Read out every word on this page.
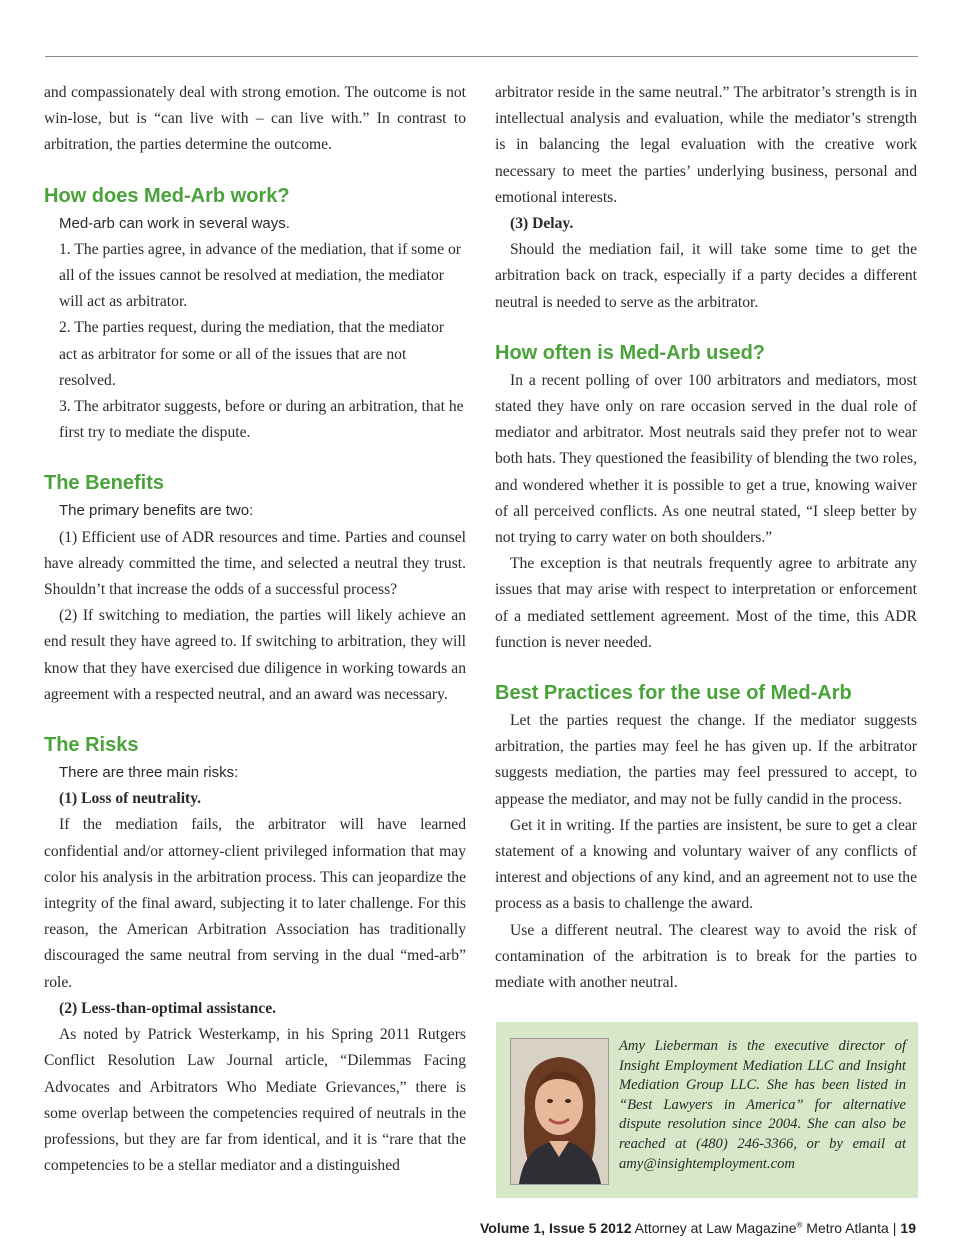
and compassionately deal with strong emotion. The outcome is not win-lose, but is “can live with – can live with.” In contrast to arbitration, the parties determine the outcome.

How does Med-Arb work?

Med-arb can work in several ways.

1. The parties agree, in advance of the mediation, that if some or all of the issues cannot be resolved at mediation, the mediator will act as arbitrator.

2. The parties request, during the mediation, that the mediator act as arbitrator for some or all of the issues that are not resolved.

3. The arbitrator suggests, before or during an arbitration, that he first try to mediate the dispute.

The Benefits

The primary benefits are two:

(1) Efficient use of ADR resources and time. Parties and counsel have already committed the time, and selected a neutral they trust. Shouldn’t that increase the odds of a successful process?

(2) If switching to mediation, the parties will likely achieve an end result they have agreed to. If switching to arbitration, they will know that they have exercised due diligence in working towards an agreement with a respected neutral, and an award was necessary.

The Risks

There are three main risks:

(1) Loss of neutrality.

If the mediation fails, the arbitrator will have learned confidential and/or attorney-client privileged information that may color his analysis in the arbitration process. This can jeopardize the integrity of the final award, subjecting it to later challenge. For this reason, the American Arbitration Association has traditionally discouraged the same neutral from serving in the dual “med-arb” role.

(2) Less-than-optimal assistance.

As noted by Patrick Westerkamp, in his Spring 2011 Rutgers Conflict Resolution Law Journal article, “Dilemmas Facing Advocates and Arbitrators Who Mediate Grievances,” there is some overlap between the competencies required of neutrals in the professions, but they are far from identical, and it is “rare that the competencies to be a stellar mediator and a distinguished

arbitrator reside in the same neutral.” The arbitrator’s strength is in intellectual analysis and evaluation, while the mediator’s strength is in balancing the legal evaluation with the creative work necessary to meet the parties’ underlying business, personal and emotional interests.

(3) Delay.

Should the mediation fail, it will take some time to get the arbitration back on track, especially if a party decides a different neutral is needed to serve as the arbitrator.

How often is Med-Arb used?

In a recent polling of over 100 arbitrators and mediators, most stated they have only on rare occasion served in the dual role of mediator and arbitrator. Most neutrals said they prefer not to wear both hats. They questioned the feasibility of blending the two roles, and wondered whether it is possible to get a true, knowing waiver of all perceived conflicts. As one neutral stated, “I sleep better by not trying to carry water on both shoulders.”

The exception is that neutrals frequently agree to arbitrate any issues that may arise with respect to interpretation or enforcement of a mediated settlement agreement. Most of the time, this ADR function is never needed.

Best Practices for the use of Med-Arb

Let the parties request the change. If the mediator suggests arbitration, the parties may feel he has given up. If the arbitrator suggests mediation, the parties may feel pressured to accept, to appease the mediator, and may not be fully candid in the process.

Get it in writing. If the parties are insistent, be sure to get a clear statement of a knowing and voluntary waiver of any conflicts of interest and objections of any kind, and an agreement not to use the process as a basis to challenge the award.

Use a different neutral. The clearest way to avoid the risk of contamination of the arbitration is to break for the parties to mediate with another neutral.

Amy Lieberman is the executive director of Insight Employment Mediation LLC and Insight Mediation Group LLC. She has been listed in “Best Lawyers in America” for alternative dispute resolution since 2004. She can also be reached at (480) 246-3366, or by email at amy@insightemployment.com
Volume 1, Issue 5 2012 Attorney at Law Magazine® Metro Atlanta | 19
